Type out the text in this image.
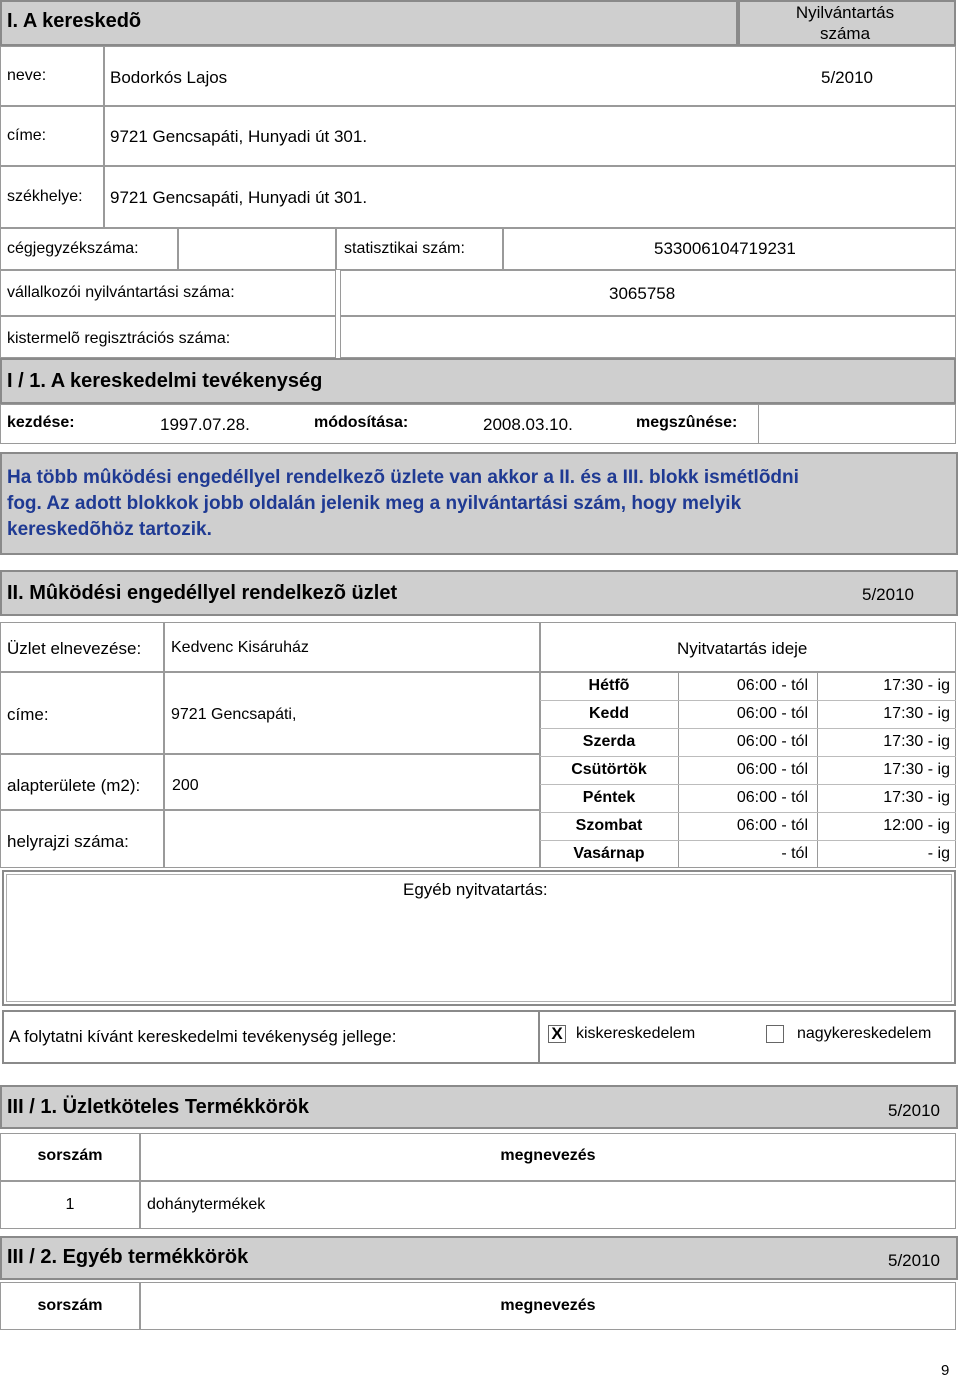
I. A kereskedõ	Nyilvántartás száma
neve:	Bodorkós Lajos	5/2010
címe:	9721 Gencsapáti, Hunyadi út 301.
székhelye: 9721 Gencsapáti, Hunyadi út 301.
cégjegyzékszáma:	statisztikai szám:	533006104719231
vállalkozói nyilvántartási száma:	3065758
kistermelõ regisztrációs száma:
I / 1. A kereskedelmi tevékenység
kezdése:	1997.07.28.	módosítása:	2008.03.10.	megszûnése:
Ha több mûködési engedéllyel rendelkezõ üzlete van akkor a II. és a III. blokk ismétlõdni
fog. Az adott blokkok jobb oldalán jelenik meg a nyilvántartási szám, hogy melyik
kereskedõhöz tartozik.
II. Mûködési engedéllyel rendelkezõ üzlet	5/2010
Üzlet elnevezése: Kedvenc Kisáruház	Nyitvatartás ideje
címe:	9721 Gencsapáti,
alapterülete (m2): 200
helyrajzi száma:
Hétfõ	06:00 - tól	17:30 - ig
Kedd	06:00 - tól	17:30 - ig
Szerda	06:00 - tól	17:30 - ig
Csütörtök	06:00 - tól	17:30 - ig
Péntek	06:00 - tól	17:30 - ig
Szombat	06:00 - tól	12:00 - ig
Vasárnap	- tól	- ig
Egyéb nyitvatartás:
A folytatni kívánt kereskedelmi tevékenység jellege:	X kiskereskedelem	nagykereskedelem
III / 1. Üzletköteles Termékkörök	5/2010
sorszám	megnevezés
1	dohánytermékek
III / 2. Egyéb termékkörök	5/2010
sorszám	megnevezés
9
